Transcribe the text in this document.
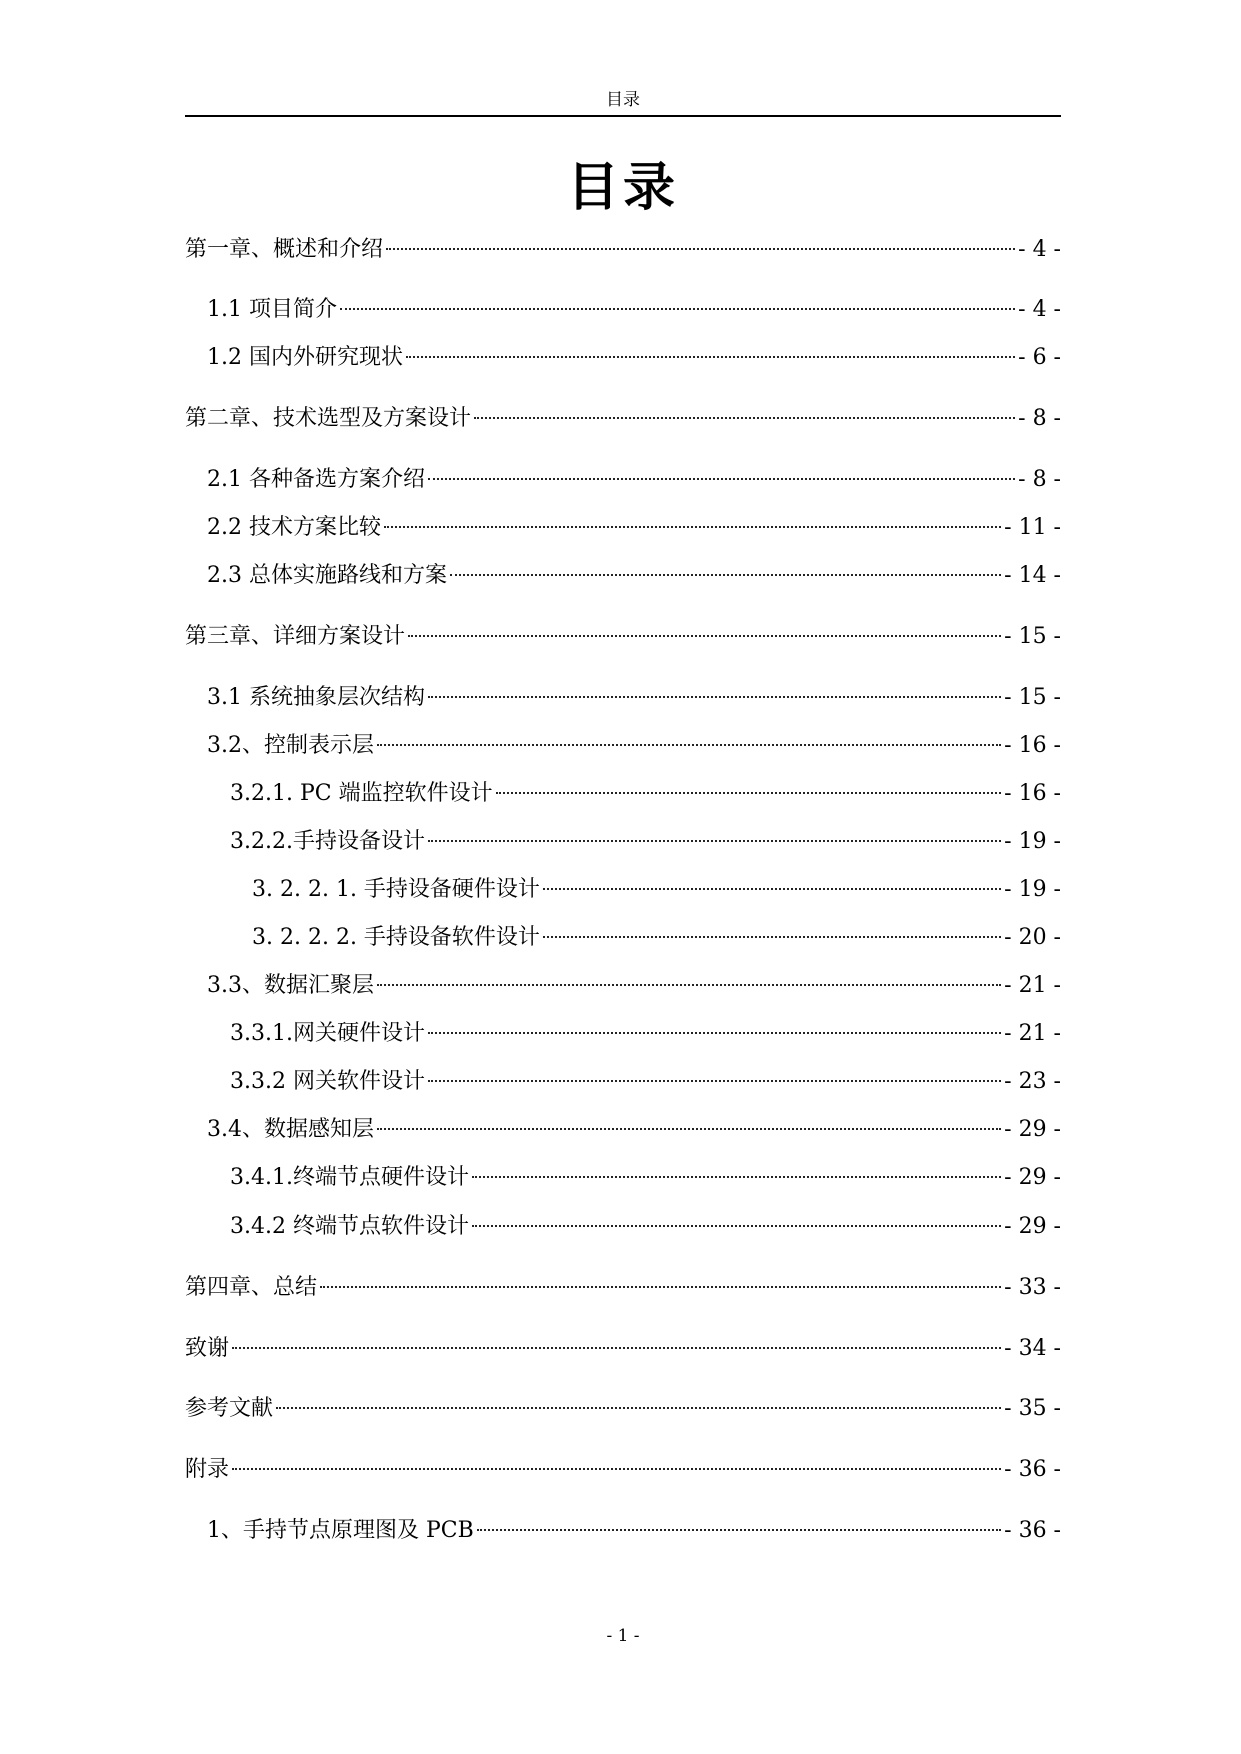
目录
目录
第一章、概述和介绍	- 4 -
1.1 项目简介	- 4 -
1.2 国内外研究现状	- 6 -
第二章、技术选型及方案设计	- 8 -
2.1 各种备选方案介绍	- 8 -
2.2 技术方案比较	- 11 -
2.3 总体实施路线和方案	- 14 -
第三章、详细方案设计	- 15 -
3.1 系统抽象层次结构	- 15 -
3.2、控制表示层	- 16 -
3.2.1. PC 端监控软件设计	- 16 -
3.2.2.手持设备设计	- 19 -
3. 2. 2. 1. 手持设备硬件设计	- 19 -
3. 2. 2. 2. 手持设备软件设计	- 20 -
3.3、数据汇聚层	- 21 -
3.3.1.网关硬件设计	- 21 -
3.3.2 网关软件设计	- 23 -
3.4、数据感知层	- 29 -
3.4.1.终端节点硬件设计	- 29 -
3.4.2 终端节点软件设计	- 29 -
第四章、总结	- 33 -
致谢	- 34 -
参考文献	- 35 -
附录	- 36 -
1、手持节点原理图及 PCB	- 36 -
- 1 -
